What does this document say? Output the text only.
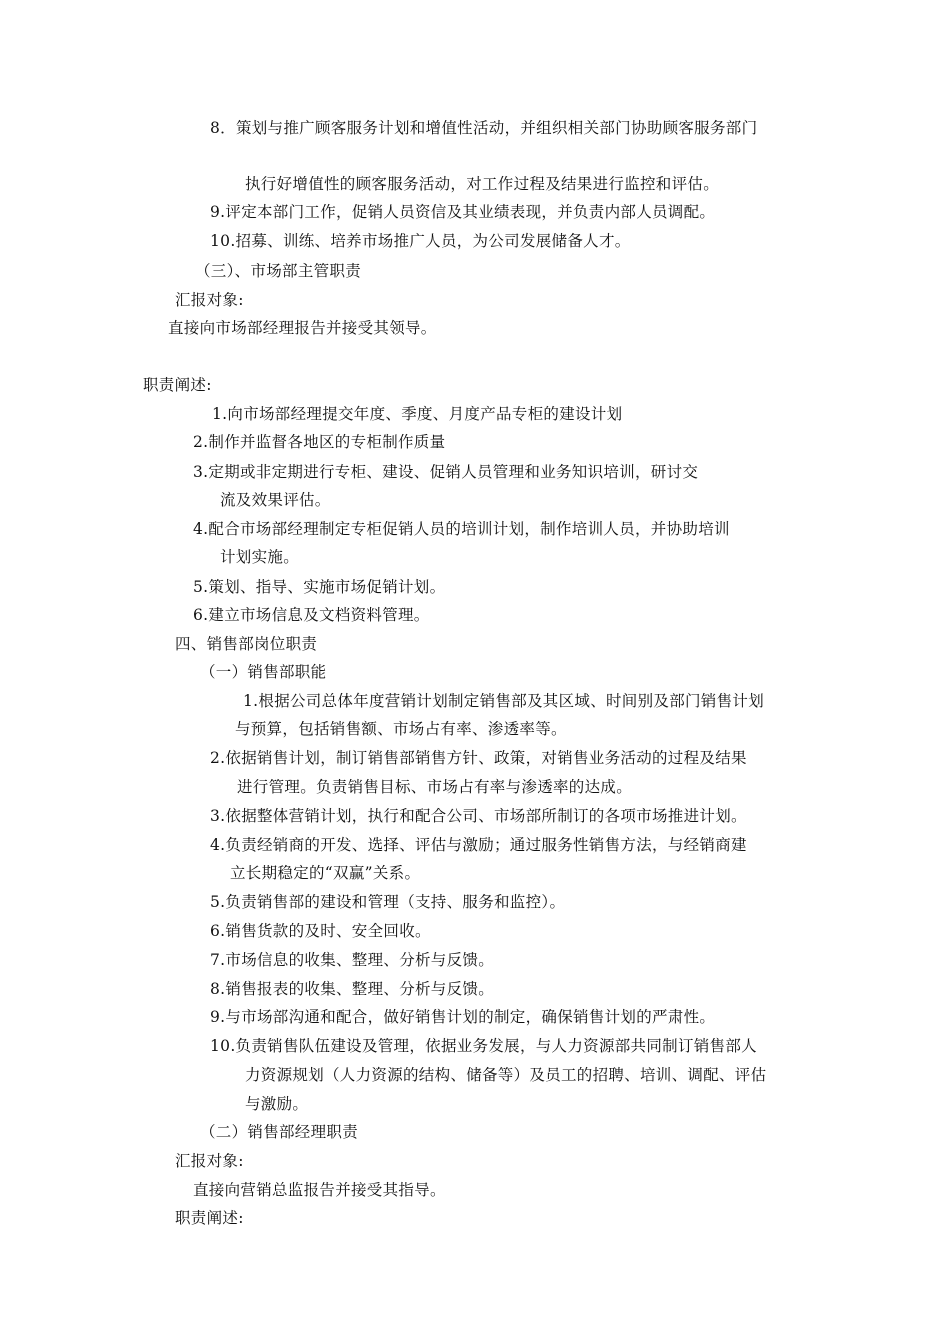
8．策划与推广顾客服务计划和增值性活动，并组织相关部门协助顾客服务部门
执行好增值性的顾客服务活动，对工作过程及结果进行监控和评估。
9.评定本部门工作，促销人员资信及其业绩表现，并负责内部人员调配。
10.招募、训练、培养市场推广人员，为公司发展储备人才。
（三）、市场部主管职责
汇报对象:
直接向市场部经理报告并接受其领导。
职责阐述:
1.向市场部经理提交年度、季度、月度产品专柜的建设计划
2.制作并监督各地区的专柜制作质量
3.定期或非定期进行专柜、建设、促销人员管理和业务知识培训，研讨交
流及效果评估。
4.配合市场部经理制定专柜促销人员的培训计划，制作培训人员，并协助培训
计划实施。
5.策划、指导、实施市场促销计划。
6.建立市场信息及文档资料管理。
四、销售部岗位职责
（一）销售部职能
1.根据公司总体年度营销计划制定销售部及其区域、时间别及部门销售计划
与预算，包括销售额、市场占有率、渗透率等。
2.依据销售计划，制订销售部销售方针、政策，对销售业务活动的过程及结果
进行管理。负责销售目标、市场占有率与渗透率的达成。
3.依据整体营销计划，执行和配合公司、市场部所制订的各项市场推进计划。
4.负责经销商的开发、选择、评估与激励；通过服务性销售方法，与经销商建
立长期稳定的“双赢”关系。
5.负责销售部的建设和管理（支持、服务和监控）。
6.销售货款的及时、安全回收。
7.市场信息的收集、整理、分析与反馈。
8.销售报表的收集、整理、分析与反馈。
9.与市场部沟通和配合，做好销售计划的制定，确保销售计划的严肃性。
10.负责销售队伍建设及管理，依据业务发展，与人力资源部共同制订销售部人
力资源规划（人力资源的结构、储备等）及员工的招聘、培训、调配、评估
与激励。
（二）销售部经理职责
汇报对象:
直接向营销总监报告并接受其指导。
职责阐述:
